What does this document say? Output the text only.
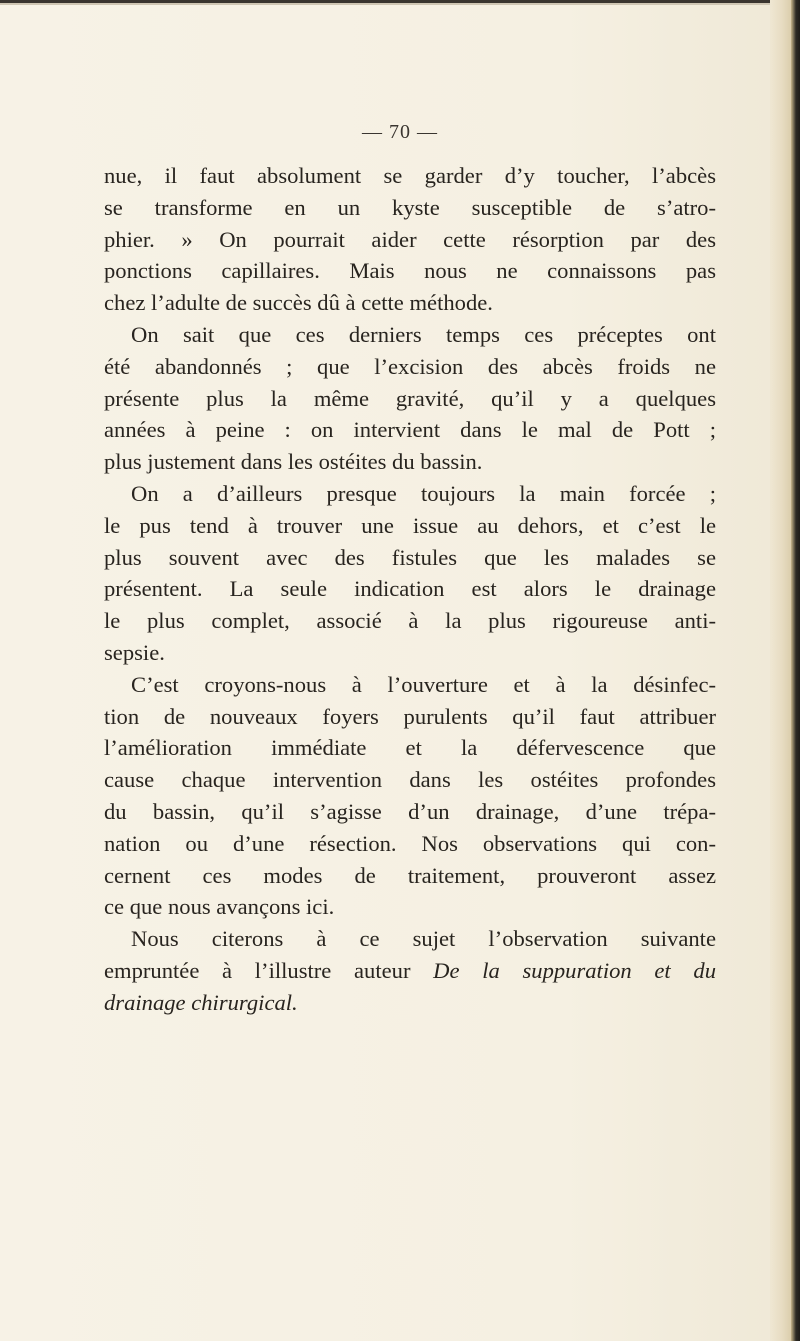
— 70 —
nue, il faut absolument se garder d’y toucher, l’abcès
se transforme en un kyste susceptible de s’atro-
phier. » On pourrait aider cette résorption par des
ponctions capillaires. Mais nous ne connaissons pas
chez l’adulte de succès dû à cette méthode.
On sait que ces derniers temps ces préceptes ont
été abandonnés ; que l’excision des abcès froids ne
présente plus la même gravité, qu’il y a quelques
années à peine : on intervient dans le mal de Pott ;
plus justement dans les ostéites du bassin.
On a d’ailleurs presque toujours la main forcée ;
le pus tend à trouver une issue au dehors, et c’est le
plus souvent avec des fistules que les malades se
présentent. La seule indication est alors le drainage
le plus complet, associé à la plus rigoureuse anti-
sepsie.
C’est croyons-nous à l’ouverture et à la désinfec-
tion de nouveaux foyers purulents qu’il faut attribuer
l’amélioration immédiate et la défervescence que
cause chaque intervention dans les ostéites profondes
du bassin, qu’il s’agisse d’un drainage, d’une trépa-
nation ou d’une résection. Nos observations qui con-
cernent ces modes de traitement, prouveront assez
ce que nous avançons ici.
Nous citerons à ce sujet l’observation suivante
empruntée à l’illustre auteur De la suppuration et du
drainage chirurgical.
